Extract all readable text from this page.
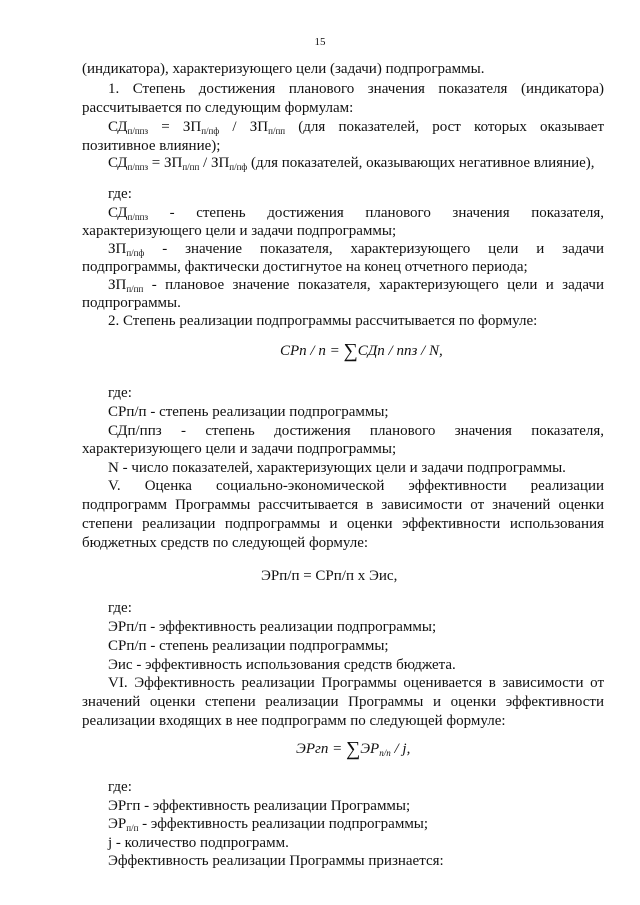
15
(индикатора), характеризующего цели (задачи) подпрограммы.
1. Степень достижения планового значения показателя (индикатора)
рассчитывается по следующим формулам:
$СД_{п/ппз} = ЗП_{п/пф} / ЗП_{п/пп}$ (для показателей, рост которых оказывает
позитивное влияние);
$СД_{п/ппз} = ЗП_{п/пп} / ЗП_{п/пф}$ (для показателей, оказывающих негативное влияние),
где:
$СД_{п/ппз}$ - степень достижения планового значения показателя,
характеризующего цели и задачи подпрограммы;
$ЗП_{п/пф}$ - значение показателя, характеризующего цели и задачи
подпрограммы, фактически достигнутое на конец отчетного периода;
$ЗП_{п/пп}$ - плановое значение показателя, характеризующего цели и задачи
подпрограммы.
2. Степень реализации подпрограммы рассчитывается по формуле:
СРп / п = ∑СДп / ппз / N,
где:
СРп/п - степень реализации подпрограммы;
СДп/ппз - степень достижения планового значения показателя,
характеризующего цели и задачи подпрограммы;
N - число показателей, характеризующих цели и задачи подпрограммы.
V. Оценка социально-экономической эффективности реализации
подпрограмм Программы рассчитывается в зависимости от значений оценки
степени реализации подпрограммы и оценки эффективности использования
бюджетных средств по следующей формуле:
ЭРп/п = СРп/п х Эис,
где:
ЭРп/п - эффективность реализации подпрограммы;
СРп/п - степень реализации подпрограммы;
Эис - эффективность использования средств бюджета.
VI. Эффективность реализации Программы оценивается в зависимости от
значений оценки степени реализации Программы и оценки эффективности
реализации входящих в нее подпрограмм по следующей формуле:
ЭРгп = $\sum ЭР_{п/п}$ / j,
где:
ЭРгп - эффективность реализации Программы;
$ЭР_{п/п}$ - эффективность реализации подпрограммы;
j - количество подпрограмм.
Эффективность реализации Программы признается:
